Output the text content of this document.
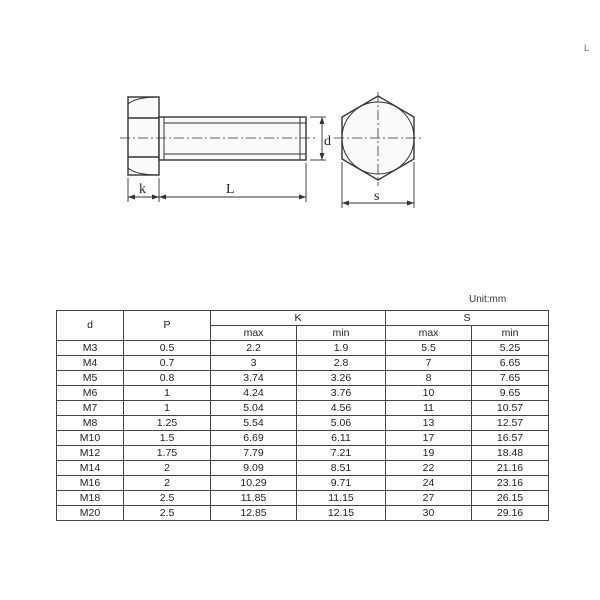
L
k	L
d
s
Unit:mm
d	P	K		S	
		max	min	max	min
M3	0.5	2.2	1.9	5.5	5.25
M4	0.7	3	2.8	7	6.65
M5	0.8	3.74	3.26	8	7.65
M6	1	4.24	3.76	10	9.65
M7	1	5.04	4.56	11	10.57
M8	1.25	5.54	5.06	13	12.57
M10	1.5	6.69	6.11	17	16.57
M12	1.75	7.79	7.21	19	18.48
M14	2	9.09	8.51	22	21.16
M16	2	10.29	9.71	24	23.16
M18	2.5	11.85	11.15	27	26.15
M20	2.5	12.85	12.15	30	29.16
